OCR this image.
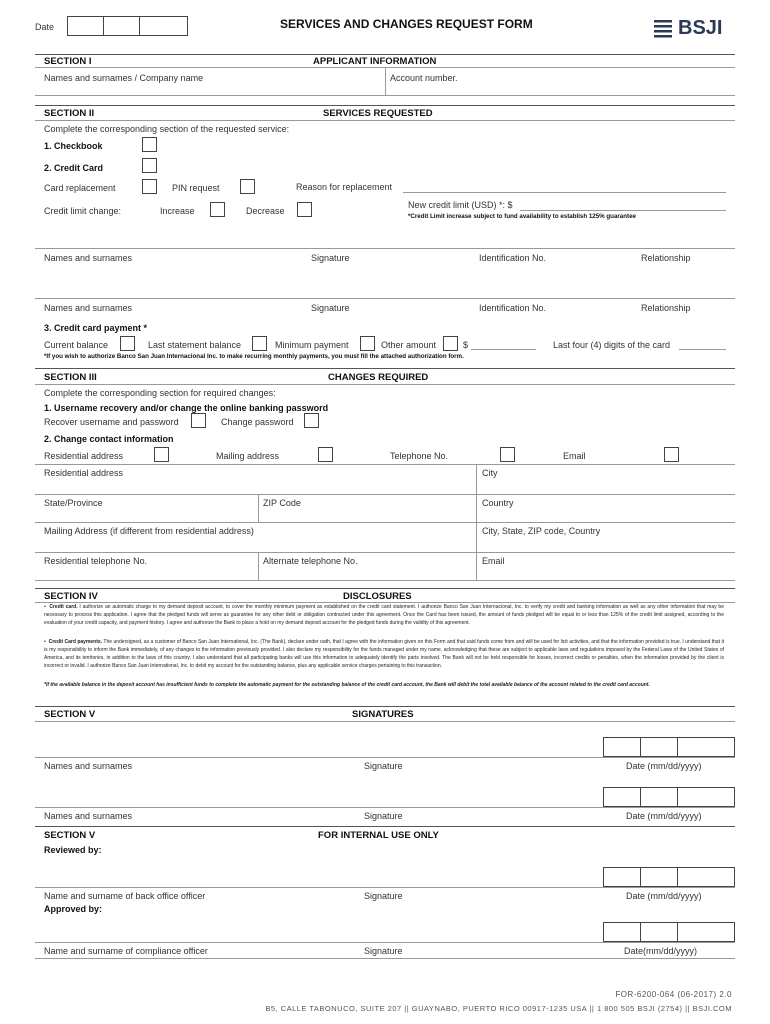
Date	SERVICES AND CHANGES REQUEST FORM	BSJI
SECTION I	APPLICANT INFORMATION
Names and surnames / Company name	Account number.
SECTION II	SERVICES REQUESTED
Complete the corresponding section of the requested service:
1. Checkbook
2. Credit Card
Card replacement	PIN request	Reason for replacement
Credit limit change:	Increase	Decrease
New credit limit (USD) *: $
*Credit Limit increase subject to fund availability to establish 125% guarantee
Names and surnames	Signature	Identification No.	Relationship
Names and surnames	Signature	Identification No.	Relationship
3. Credit card payment *
Current balance	Last statement balance	Minimum payment	Other amount	$	Last four (4) digits of the card
*If you wish to authorize Banco San Juan Internacional Inc. to make recurring monthly payments, you must fill the attached authorization form.
SECTION III	CHANGES REQUIRED
Complete the corresponding section for required changes:
1. Username recovery and/or change the online banking password
Recover username and password	Change password
2. Change contact information
Residential address	Mailing address	Telephone No.	Email
Residential address	City
State/Province	ZIP Code	Country
Mailing Address (if different from residential address)	City, State, ZIP code, Country
Residential telephone No.	Alternate telephone No.	Email
SECTION IV	DISCLOSURES
•  Credit card. I authorize an automatic charge to my demand deposit account, to cover the monthly minimum payment as established on the credit card statement. I authorize Banco San Juan Internacional, Inc. to verify my credit and banking information as well as any other information that may be necessary to process this application. I agree that the pledged funds will serve as guarantee for any other debt or obligation contracted under this agreement. Once the Card has been issued, the amount of funds pledged will be equal to or less than 125% of the credit limit assigned, according to the evaluation of your credit capacity, and payment history. I agree and authorize the Bank to place a hold on my demand deposit account for the pledged funds during the validity of this agreement.
•  Credit Card payments. The undersigned, as a customer of Banco San Juan International, Inc. (The Bank), declare under oath, that I agree with the information given on this Form and that said funds come from and will be used for licit activities, and that the information provided is true. I understand that it is my responsibility to inform the Bank immediately, of any changes to the information previously provided. I also declare my responsibility for the funds managed under my name, acknowledging that these are subject to applicable laws and regulations imposed by the Federal Laws of the United States of America, and its territories, in addition to the laws of this country. I also understand that all participating banks will use this information to adequately identify the parts involved. The Bank will not be held responsible for losses, incorrect credits or penalties, when the information provided by the client is incorrect or invalid. I authorize Banco San Juan International, Inc. to debit my account for the outstanding balance, plus any applicable service charges pertaining to this transaction.
*If the available balance in the deposit account has insufficient funds to complete the automatic payment for the outstanding balance of the credit card account, the Bank will debit the total available balance of the account related to the credit card account.
SECTION V	SIGNATURES
Names and surnames	Signature	Date (mm/dd/yyyy)
Names and surnames	Signature	Date (mm/dd/yyyy)
SECTION V	FOR INTERNAL USE ONLY
Reviewed by:
Name and surname of back office officer	Signature	Date (mm/dd/yyyy)
Approved by:
Name and surname of compliance officer	Signature	Date(mm/dd/yyyy)
FOR-6200-064 (06-2017) 2.0
B5, CALLE TABONUCO, SUITE 207 || GUAYNABO, PUERTO RICO 00917-1235 USA || 1 800 505 BSJI (2754) || BSJI.COM
